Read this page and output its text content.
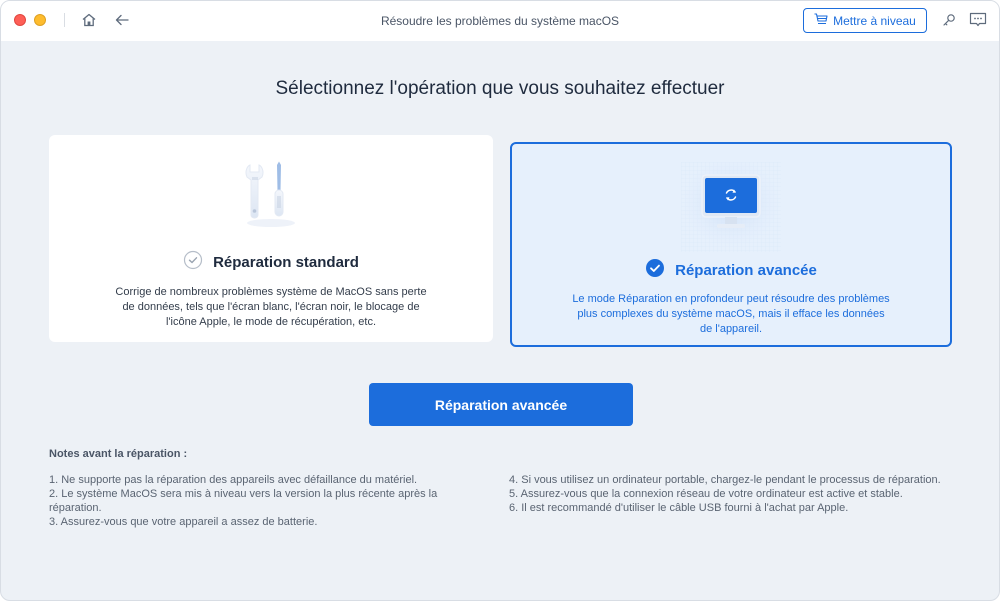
Résoudre les problèmes du système macOS	Mettre à niveau
Sélectionnez l'opération que vous souhaitez effectuer
Réparation standard
Corrige de nombreux problèmes système de MacOS sans perte de données, tels que l'écran blanc, l'écran noir, le blocage de l'icône Apple, le mode de récupération, etc.
Réparation avancée
Le mode Réparation en profondeur peut résoudre des problèmes plus complexes du système macOS, mais il efface les données de l'appareil.
Réparation avancée
Notes avant la réparation :
1. Ne supporte pas la réparation des appareils avec défaillance du matériel.
2. Le système MacOS sera mis à niveau vers la version la plus récente après la réparation.
3. Assurez-vous que votre appareil a assez de batterie.
4. Si vous utilisez un ordinateur portable, chargez-le pendant le processus de réparation.
5. Assurez-vous que la connexion réseau de votre ordinateur est active et stable.
6. Il est recommandé d'utiliser le câble USB fourni à l'achat par Apple.
